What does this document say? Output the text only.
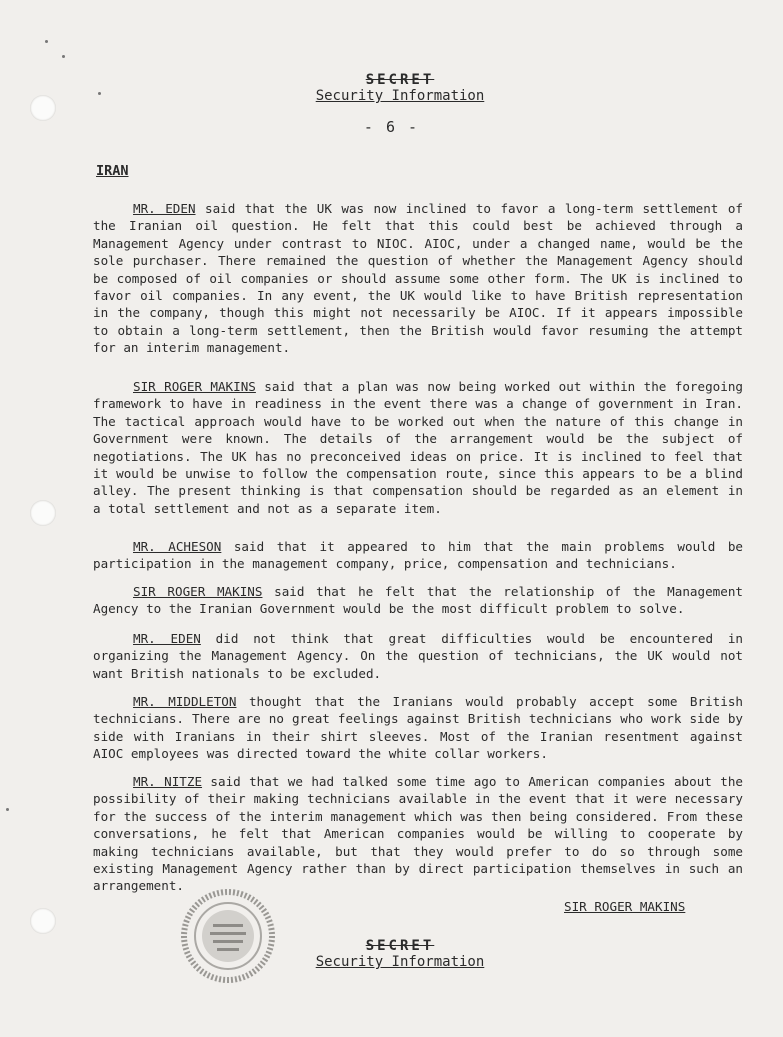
SECRET
Security Information
- 6 -
IRAN
MR. EDEN said that the UK was now inclined to favor a long-term settlement of the Iranian oil question. He felt that this could best be achieved through a Management Agency under contrast to NIOC. AIOC, under a changed name, would be the sole purchaser. There remained the question of whether the Management Agency should be composed of oil companies or should assume some other form. The UK is inclined to favor oil companies. In any event, the UK would like to have British representation in the company, though this might not necessarily be AIOC. If it appears impossible to obtain a long-term settlement, then the British would favor resuming the attempt for an interim management.
SIR ROGER MAKINS said that a plan was now being worked out within the foregoing framework to have in readiness in the event there was a change of government in Iran. The tactical approach would have to be worked out when the nature of this change in Government were known. The details of the arrangement would be the subject of negotiations. The UK has no preconceived ideas on price. It is inclined to feel that it would be unwise to follow the compensation route, since this appears to be a blind alley. The present thinking is that compensation should be regarded as an element in a total settlement and not as a separate item.
MR. ACHESON said that it appeared to him that the main problems would be participation in the management company, price, compensation and technicians.
SIR ROGER MAKINS said that he felt that the relationship of the Management Agency to the Iranian Government would be the most difficult problem to solve.
MR. EDEN did not think that great difficulties would be encountered in organizing the Management Agency. On the question of technicians, the UK would not want British nationals to be excluded.
MR. MIDDLETON thought that the Iranians would probably accept some British technicians. There are no great feelings against British technicians who work side by side with Iranians in their shirt sleeves. Most of the Iranian resentment against AIOC employees was directed toward the white collar workers.
MR. NITZE said that we had talked some time ago to American companies about the possibility of their making technicians available in the event that it were necessary for the success of the interim management which was then being considered. From these conversations, he felt that American companies would be willing to cooperate by making technicians available, but that they would prefer to do so through some existing Management Agency rather than by direct participation themselves in such an arrangement.
SIR ROGER MAKINS
SECRET
Security Information
